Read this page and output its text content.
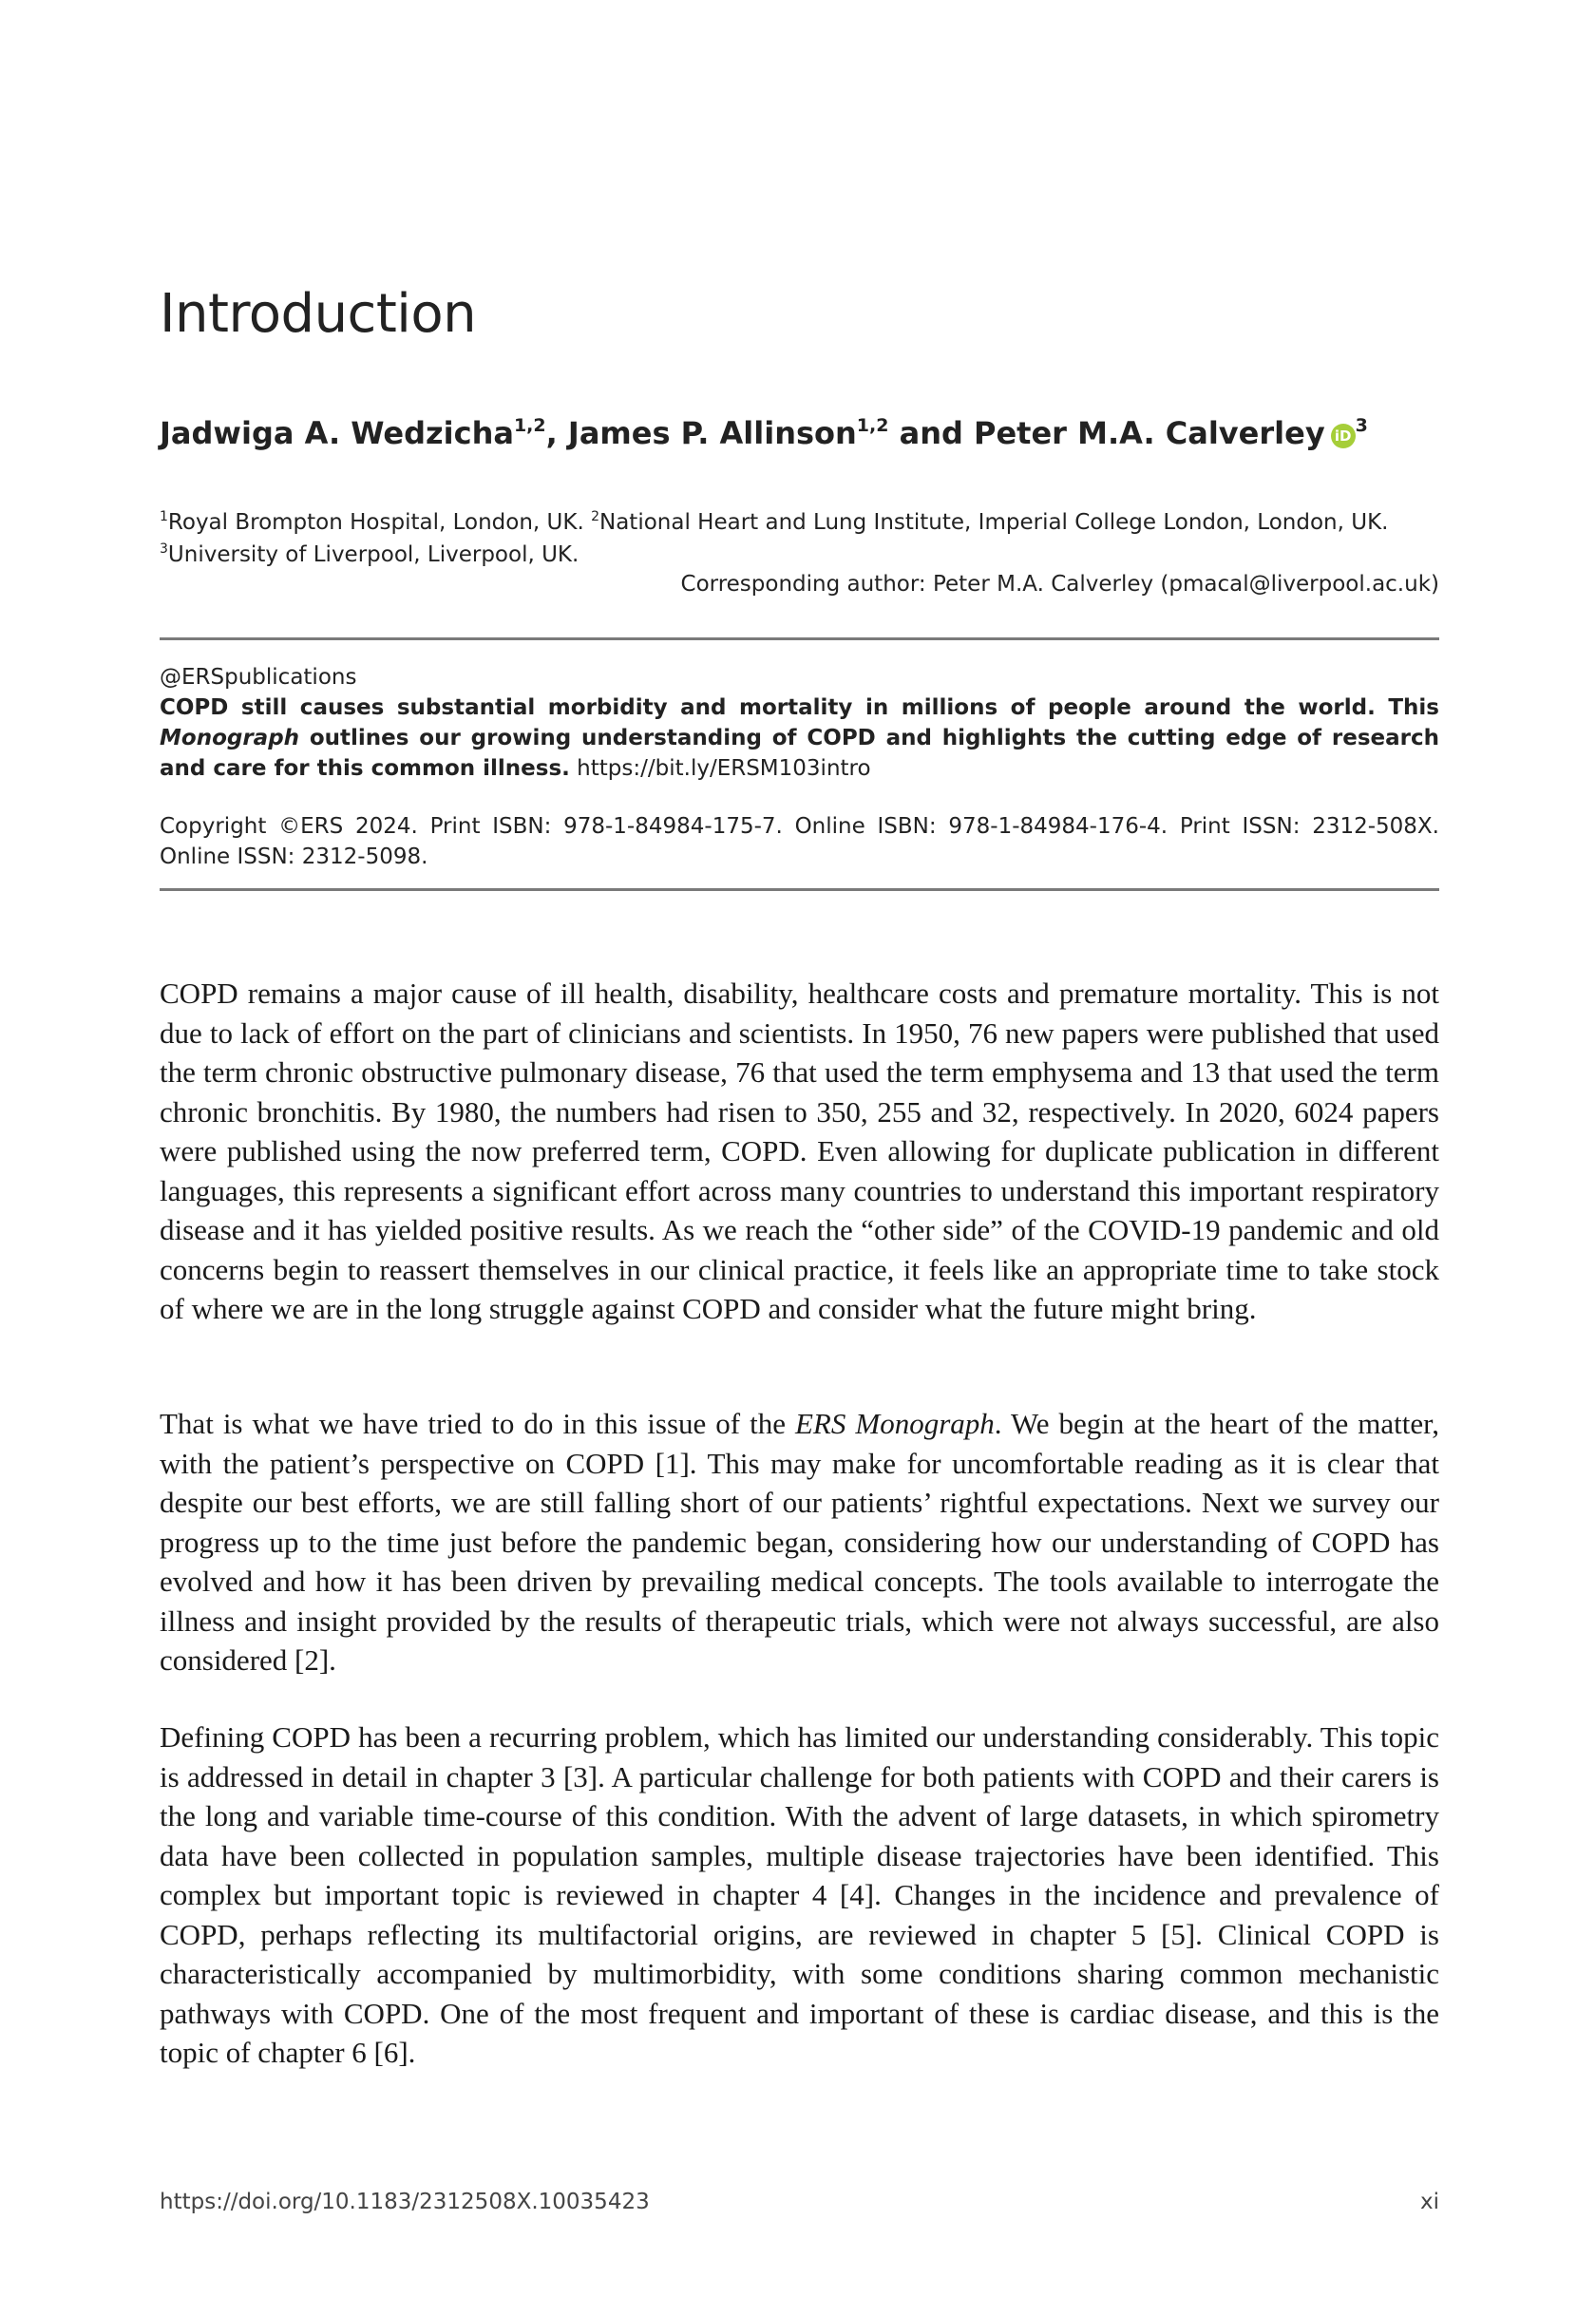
Introduction
Jadwiga A. Wedzicha$^{1,2}$, James P. Allinson$^{1,2}$ and Peter M.A. Calverley iD $^3$
$^1$Royal Brompton Hospital, London, UK. $^2$National Heart and Lung Institute, Imperial College London, London, UK.
$^3$University of Liverpool, Liverpool, UK.
Corresponding author: Peter M.A. Calverley (pmacal@liverpool.ac.uk)
@ERSpublications
COPD still causes substantial morbidity and mortality in millions of people around the world. This Monograph outlines our growing understanding of COPD and highlights the cutting edge of research and care for this common illness. https://bit.ly/ERSM103intro
Copyright ©ERS 2024. Print ISBN: 978-1-84984-175-7. Online ISBN: 978-1-84984-176-4. Print ISSN: 2312-508X. Online ISSN: 2312-5098.

COPD remains a major cause of ill health, disability, healthcare costs and premature mortality. This is not due to lack of effort on the part of clinicians and scientists. In 1950, 76 new papers were published that used the term chronic obstructive pulmonary disease, 76 that used the term emphysema and 13 that used the term chronic bronchitis. By 1980, the numbers had risen to 350, 255 and 32, respectively. In 2020, 6024 papers were published using the now preferred term, COPD. Even allowing for duplicate publication in different languages, this represents a significant effort across many countries to understand this important respiratory disease and it has yielded positive results. As we reach the “other side” of the COVID-19 pandemic and old concerns begin to reassert themselves in our clinical practice, it feels like an appropriate time to take stock of where we are in the long struggle against COPD and consider what the future might bring.

That is what we have tried to do in this issue of the ERS Monograph. We begin at the heart of the matter, with the patient’s perspective on COPD [1]. This may make for uncomfortable reading as it is clear that despite our best efforts, we are still falling short of our patients’ rightful expectations. Next we survey our progress up to the time just before the pandemic began, considering how our understanding of COPD has evolved and how it has been driven by prevailing medical concepts. The tools available to interrogate the illness and insight provided by the results of therapeutic trials, which were not always successful, are also considered [2].

Defining COPD has been a recurring problem, which has limited our understanding considerably. This topic is addressed in detail in chapter 3 [3]. A particular challenge for both patients with COPD and their carers is the long and variable time-course of this condition. With the advent of large datasets, in which spirometry data have been collected in population samples, multiple disease trajectories have been identified. This complex but important topic is reviewed in chapter 4 [4]. Changes in the incidence and prevalence of COPD, perhaps reflecting its multifactorial origins, are reviewed in chapter 5 [5]. Clinical COPD is characteristically accompanied by multimorbidity, with some conditions sharing common mechanistic pathways with COPD. One of the most frequent and important of these is cardiac disease, and this is the topic of chapter 6 [6].

https://doi.org/10.1183/2312508X.10035423	xi
